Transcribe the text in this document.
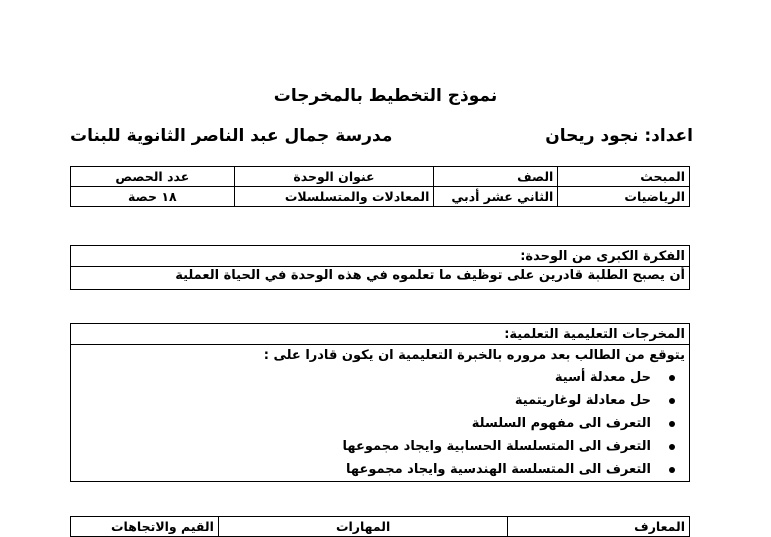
نموذج التخطيط بالمخرجات
اعداد: نجود ريحان
مدرسة جمال عبد الناصر الثانوية للبنات
المبحث	الصف	عنوان الوحدة	عدد الحصص
الرياضيات	الثاني عشر أدبي	المعادلات والمتسلسلات	١٨ حصة
الفكرة الكبرى من الوحدة:
أن يصبح الطلبة قادرين على توظيف ما تعلموه في هذه الوحدة في الحياة العملية
المخرجات التعليمية التعلمية:
يتوقع من الطالب بعد مروره بالخبرة التعليمية ان يكون قادرا على :
حل معدلة أسية
حل معادلة لوغاريتمية
التعرف الى مفهوم السلسلة
التعرف الى المتسلسلة الحسابية وايجاد مجموعها
التعرف الى المتسلسة الهندسية وايجاد مجموعها
المعارف	المهارات	القيم والاتجاهات
